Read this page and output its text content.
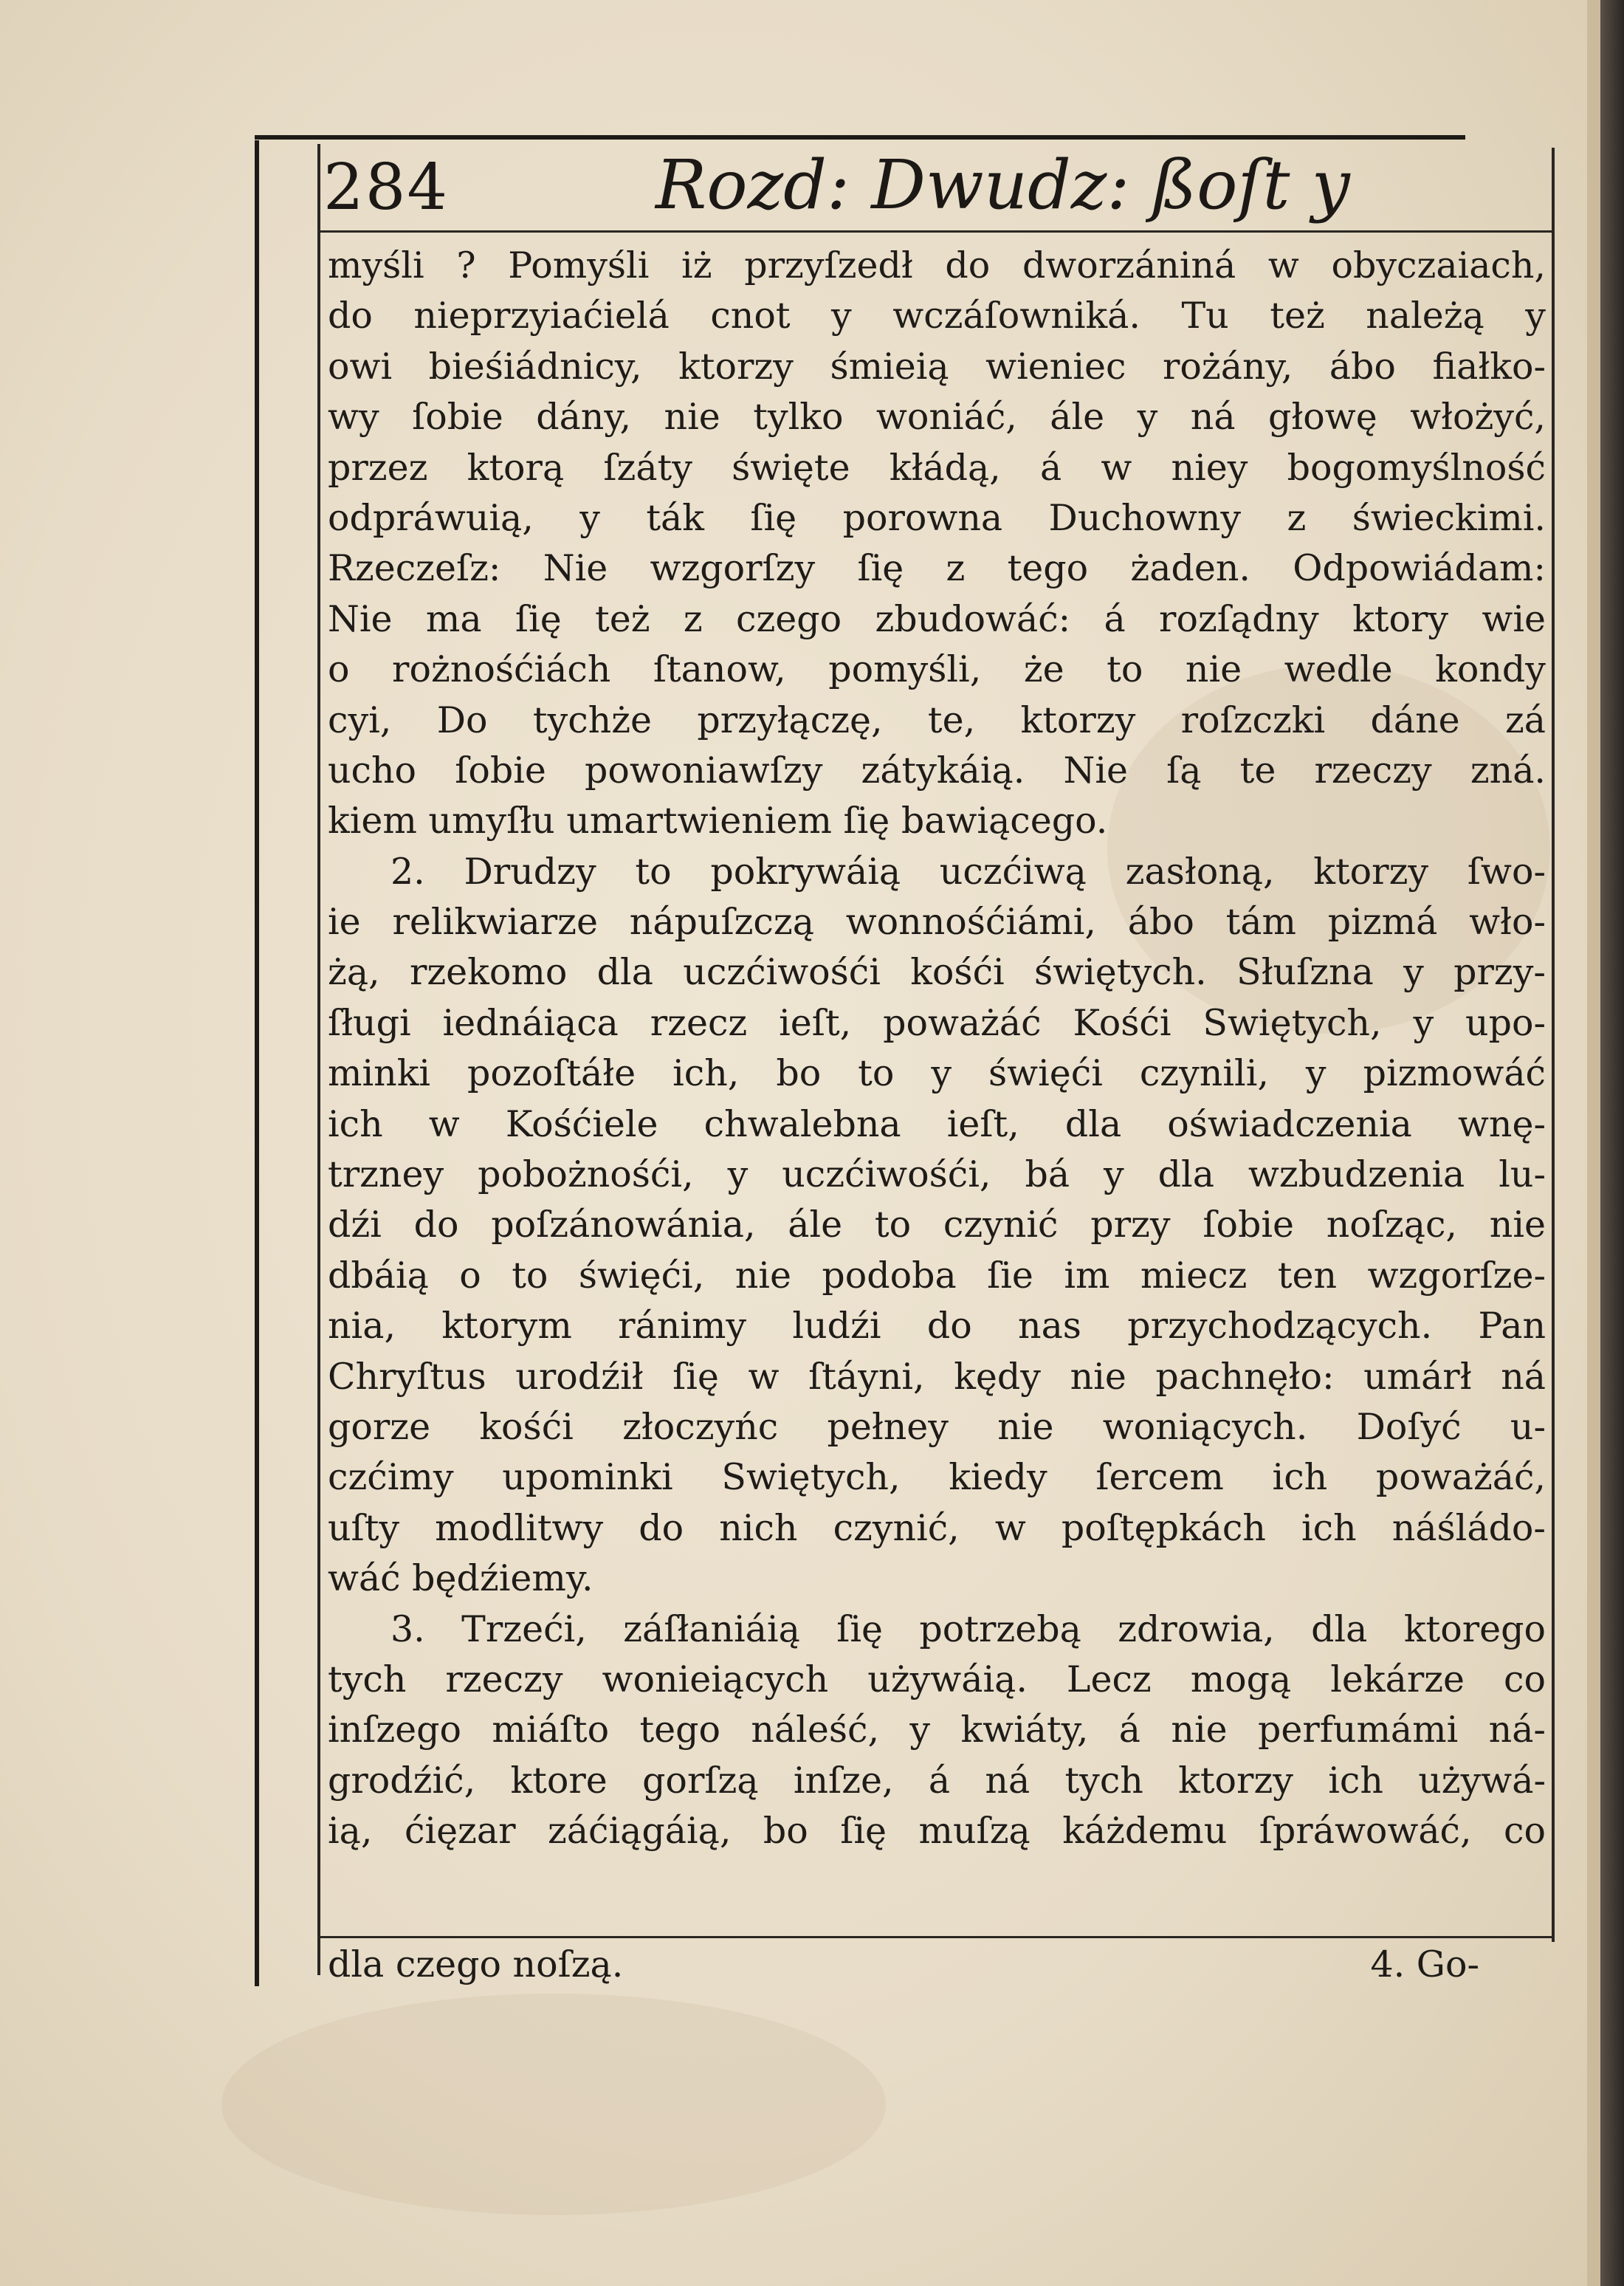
284	Rozd: Dwudz: ßoſt y
myśli ? Pomyśli iż przyſzedł do dworzániná w obyczaiach,
do nieprzyiaćielá cnot y wczáſowniká. Tu też należą y
owi bieśiádnicy, ktorzy śmieią wieniec rożány, ábo fiałko-
wy ſobie dány, nie tylko woniáć, ále y ná głowę włożyć,
przez ktorą ſzáty święte kłádą, á w niey bogomyślność
odpráwuią, y ták ſię porowna Duchowny z świeckimi.
Rzeczeſz: Nie wzgorſzy ſię z tego żaden. Odpowiádam:
Nie ma ſię też z czego zbudowáć: á rozſądny ktory wie
o rożnośćiách ſtanow, pomyśli, że to nie wedle kondy
cyi, Do tychże przyłączę, te, ktorzy roſzczki dáne zá
ucho ſobie powoniawſzy zátykáią. Nie ſą te rzeczy zná.
kiem umyſłu umartwieniem ſię bawiącego.
2. Drudzy to pokrywáią uczćiwą zasłoną, ktorzy ſwo-
ie relikwiarze nápuſzczą wonnośćiámi, ábo tám pizmá wło-
żą, rzekomo dla uczćiwośći kośći świętych. Słuſzna y przy-
ſługi iednáiąca rzecz ieſt, poważáć Kośći Swiętych, y upo-
minki pozoſtáłe ich, bo to y święći czynili, y pizmowáć
ich w Kośćiele chwalebna ieſt, dla oświadczenia wnę-
trzney pobożnośći, y uczćiwośći, bá y dla wzbudzenia lu-
dźi do poſzánowánia, ále to czynić przy ſobie noſząc, nie
dbáią o to święći, nie podoba ſie im miecz ten wzgorſze-
nia, ktorym ránimy ludźi do nas przychodzących. Pan
Chryſtus urodźił ſię w ſtáyni, kędy nie pachnęło: umárł ná
gorze kośći złoczyńc pełney nie woniących. Doſyć u-
czćimy upominki Swiętych, kiedy ſercem ich poważáć,
uſty modlitwy do nich czynić, w poſtępkách ich náśládo-
wáć będźiemy.
3. Trzeći, záſłaniáią ſię potrzebą zdrowia, dla ktorego
tych rzeczy wonieiących używáią. Lecz mogą lekárze co
inſzego miáſto tego náleść, y kwiáty, á nie perfumámi ná-
grodźić, ktore gorſzą inſze, á ná tych ktorzy ich używá-
ią, ćięzar záćiągáią, bo ſię muſzą káżdemu ſpráwowáć, co
dla czego noſzą.	4. Go-
